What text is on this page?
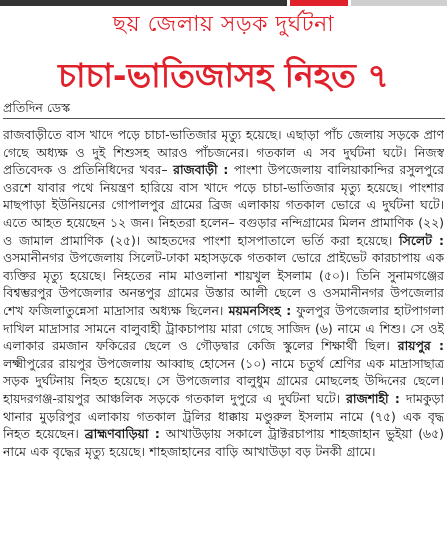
ছয় জেলায় সড়ক দুর্ঘটনা
চাচা-ভাতিজাসহ নিহত ৭
প্রতিদিন ডেস্ক

রাজবাড়ীতে বাস খাদে পড়ে চাচা-ভাতিজার মৃত্যু হয়েছে। এছাড়া পাঁচ জেলায় সড়কে প্রাণ গেছে অধ্যক্ষ ও দুই শিশুসহ আরও পাঁচজনের। গতকাল এ সব দুর্ঘটনা ঘটে। নিজস্ব প্রতিবেদক ও প্রতিনিধিদের খবর– রাজবাড়ী : পাংশা উপজেলায় বালিয়াকান্দির রসুলপুরে ওরশে যাবার পথে নিয়ন্ত্রণ হারিয়ে বাস খাদে পড়ে চাচা-ভাতিজার মৃত্যু হয়েছে। পাংশার মাছপাড়া ইউনিয়নের গোপালপুর গ্রামের ব্রিজ এলাকায় গতকাল ভোরে এ দুর্ঘটনা ঘটে। এতে আহত হয়েছেন ১২ জন। নিহতরা হলেন– বগুড়ার নন্দিগ্রামের মিলন প্রামাণিক (২২) ও জামাল প্রামাণিক (২৫)। আহতদের পাংশা হাসপাতালে ভর্তি করা হয়েছে। সিলেট : ওসমানীনগর উপজেলায় সিলেট-ঢাকা মহাসড়কে গতকাল ভোরে প্রাইভেট কারচাপায় এক ব্যক্তির মৃত্যু হয়েছে। নিহতের নাম মাওলানা শায়খুল ইসলাম (৫০)। তিনি সুনামগঞ্জের বিশ্বম্ভরপুর উপজেলার অনন্তপুর গ্রামের উস্তার আলী ছেলে ও ওসমানীনগর উপজেলার শেখ ফজিলাতুন্নেসা মাদ্রাসার অধ্যক্ষ ছিলেন। ময়মনসিংহ : ফুলপুর উপজেলার হাটপাগলা দাখিল মাদ্রাসার সামনে বালুবাহী ট্রাকচাপায় মারা গেছে সাজিদ (৬) নামে এ শিশু। সে ওই এলাকার রমজান ফকিরের ছেলে ও গৌড়দ্বার কেজি স্কুলের শিক্ষার্থী ছিল। রায়পুর : লক্ষ্মীপুরের রায়পুর উপজেলায় আব্বাছ হোসেন (১০) নামে চতুর্থ শ্রেণির এক মাদ্রাসাছাত্র সড়ক দুর্ঘটনায় নিহত হয়েছে। সে উপজেলার বালুধুম গ্রামের মোছলেহ উদ্দিনের ছেলে। হায়দরগঞ্জ-রায়পুর আঞ্চলিক সড়কে গতকাল দুপুরে এ দুর্ঘটনা ঘটে। রাজশাহী : দামকুড়া থানার মুড়রিপুর এলাকায় গতকাল ট্রলির ধাক্কায় মণ্ডুরুল ইসলাম নামে (৭৫) এক বৃদ্ধ নিহত হয়েছেন। ব্রাহ্মণবাড়িয়া : আখাউড়ায় সকালে ট্রাক্টরচাপায় শাহজাহান ভুইয়া (৬৫) নামে এক বৃদ্ধের মৃত্যু হয়েছে। শাহজাহানের বাড়ি আখাউড়া বড় টনকী গ্রামে।
